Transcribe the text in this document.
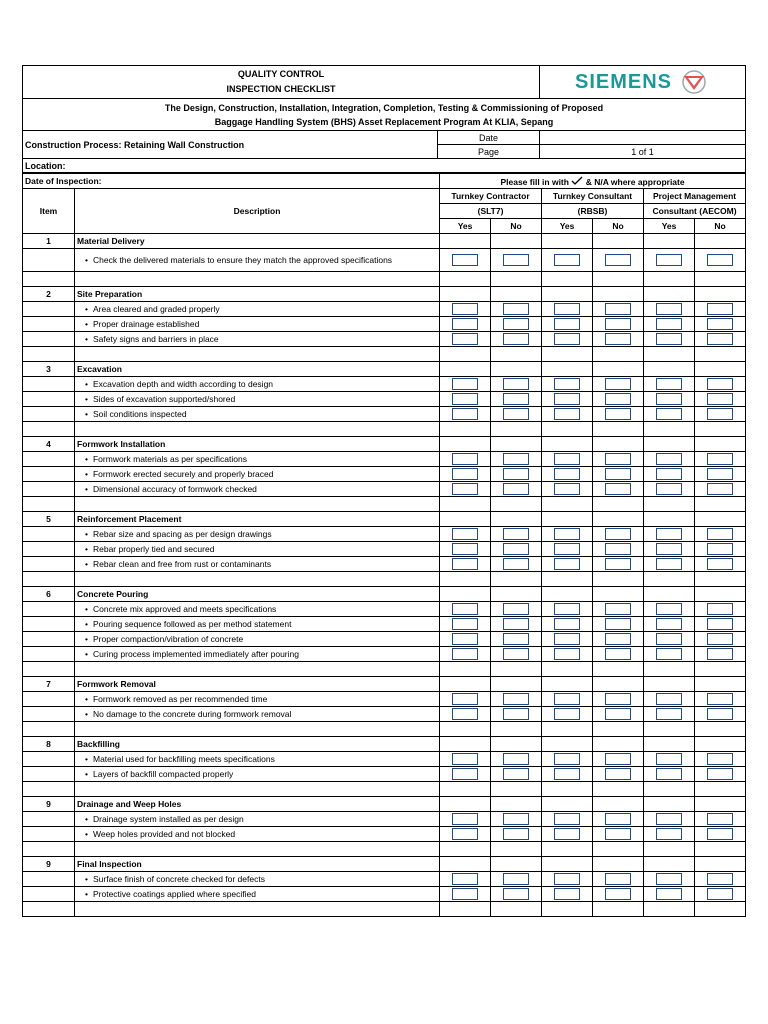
QUALITY CONTROL
INSPECTION CHECKLIST		SIEMENS

The Design, Construction, Installation, Integration, Completion, Testing & Commissioning of Proposed
Baggage Handling System (BHS) Asset Replacement Program At KLIA, Sepang		

Construction Process: Retaining Wall Construction	Date	
	Page	1 of 1
Location:		
Date of Inspection:		Please fill in with & N/A where appropriate					
Item	Description	Turnkey Contractor		Turnkey Consultant		Project Management	
		(SLT7)		(RBSB)		Consultant (AECOM)	
		Yes	No	Yes	No	Yes	No
1	Material Delivery						
	• Check the delivered materials to ensure they match the approved specifications	

2	Site Preparation						
	• Area cleared and graded properly	

	• Proper drainage established	

	• Safety signs and barriers in place	

3	Excavation						
	• Excavation depth and width according to design	

	• Sides of excavation supported/shored	

	• Soil conditions inspected	

4	Formwork Installation						
	• Formwork materials as per specifications	

	• Formwork erected securely and properly braced	

	• Dimensional accuracy of formwork checked	

5	Reinforcement Placement						
	• Rebar size and spacing as per design drawings	

	• Rebar properly tied and secured	

	• Rebar clean and free from rust or contaminants	

6	Concrete Pouring						
	• Concrete mix approved and meets specifications	

	• Pouring sequence followed as per method statement	

	• Proper compaction/vibration of concrete	

	• Curing process implemented immediately after pouring	

7	Formwork Removal						
	• Formwork removed as per recommended time	

	• No damage to the concrete during formwork removal	

8	Backfilling						
	• Material used for backfilling meets specifications	

	• Layers of backfill compacted properly	

9	Drainage and Weep Holes						
	• Drainage system installed as per design	

	• Weep holes provided and not blocked	

9	Final Inspection						
	• Surface finish of concrete checked for defects	

	• Protective coatings applied where specified	
